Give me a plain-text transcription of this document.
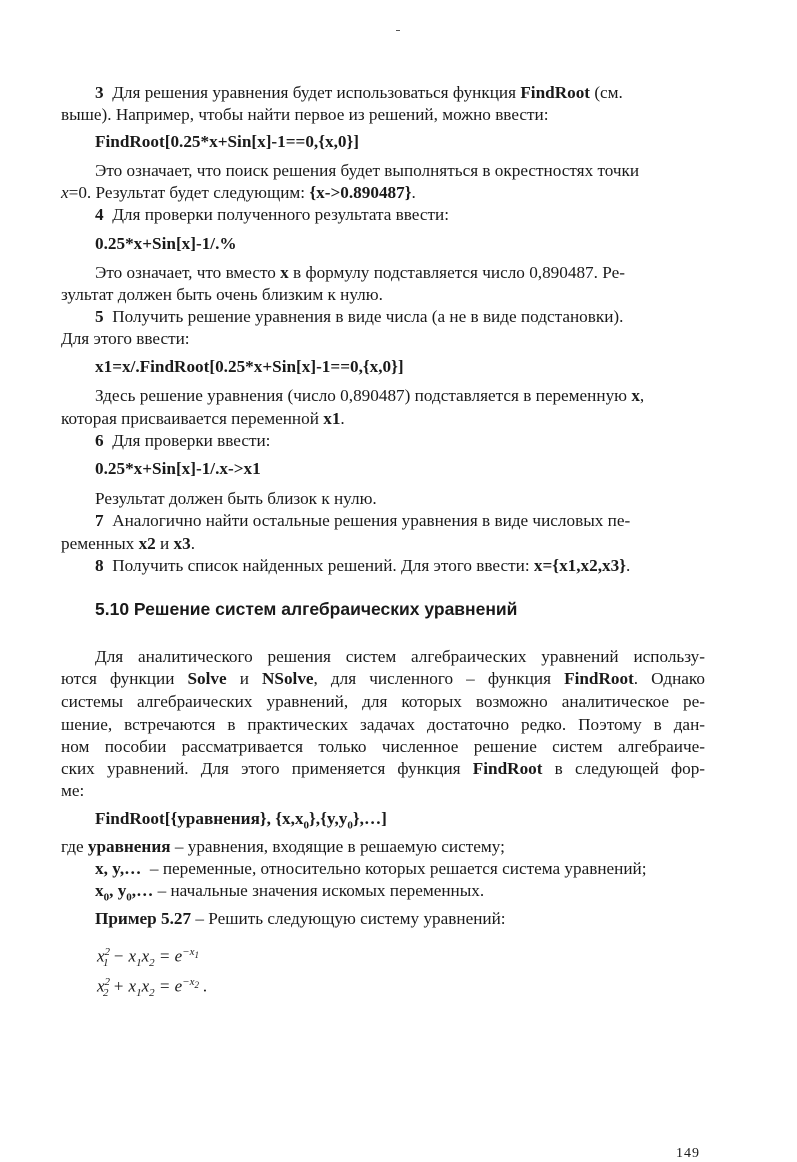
3 Для решения уравнения будет использоваться функция FindRoot (см.

выше). Например, чтобы найти первое из решений, можно ввести:

FindRoot[0.25*x+Sin[x]-1==0,{x,0}]

Это означает, что поиск решения будет выполняться в окрестностях точки

x=0. Результат будет следующим: {x->0.890487}.

4 Для проверки полученного результата ввести:

0.25*x+Sin[x]-1/.%

Это означает, что вместо x в формулу подставляется число 0,890487. Ре-

зультат должен быть очень близким к нулю.

5 Получить решение уравнения в виде числа (а не в виде подстановки).

Для этого ввести:

x1=x/.FindRoot[0.25*x+Sin[x]-1==0,{x,0}]

Здесь решение уравнения (число 0,890487) подставляется в переменную x,

которая присваивается переменной x1.

6 Для проверки ввести:

0.25*x+Sin[x]-1/.x->x1

Результат должен быть близок к нулю.

7 Аналогично найти остальные решения уравнения в виде числовых пе-

ременных x2 и x3.

8 Получить список найденных решений. Для этого ввести: x={x1,x2,x3}.

5.10 Решение систем алгебраических уравнений

Для аналитического решения систем алгебраических уравнений использу-

ются функции Solve и NSolve, для численного – функция FindRoot. Однако

системы алгебраических уравнений, для которых возможно аналитическое ре-

шение, встречаются в практических задачах достаточно редко. Поэтому в дан-

ном пособии рассматривается только численное решение систем алгебраиче-

ских уравнений. Для этого применяется функция FindRoot в следующей фор-

ме:

FindRoot[{уравнения}, $\{x,x_0\},\{y,y_0\},\dots$]

где уравнения – уравнения, входящие в решаемую систему;

x, y,…  – переменные, относительно которых решается система уравнений;

$x_0$, $y_0,\dots$ – начальные значения искомых переменных.

Пример 5.27 – Решить следующую систему уравнений:

$x^2_1 - x_1x_2 = e^{-x_1}$
$x^2_2 + x_1x_2 = e^{-x_2}$ .
149
